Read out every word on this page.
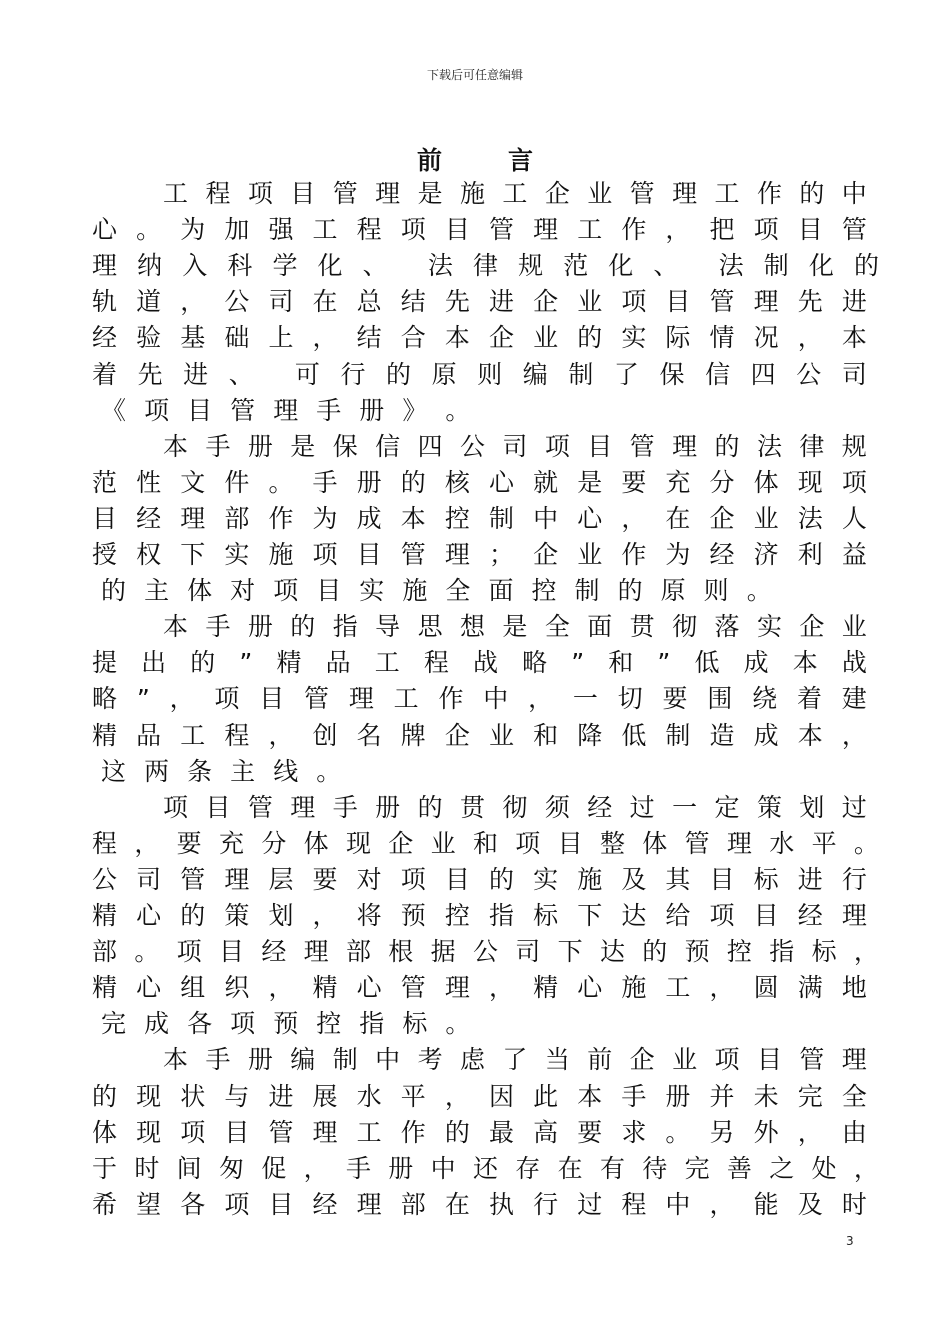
下载后可任意编辑
前言
工 程 项 目 管 理 是 施 工 企 业 管 理 工 作 的 中
心 。 为 加 强 工 程 项 目 管 理 工 作 ， 把 项 目 管
理 纳 入 科 学 化 、 法 律 规 范 化 、 法 制 化 的
轨 道 ， 公 司 在 总 结 先 进 企 业 项 目 管 理 先 进
经 验 基 础 上 ， 结 合 本 企 业 的 实 际 情 况 ， 本
着 先 进 、 可 行 的 原 则 编 制 了 保 信 四 公 司
《 项 目 管 理 手 册 》 。
本 手 册 是 保 信 四 公 司 项 目 管 理 的 法 律 规
范 性 文 件 。 手 册 的 核 心 就 是 要 充 分 体 现 项
目 经 理 部 作 为 成 本 控 制 中 心 ， 在 企 业 法 人
授 权 下 实 施 项 目 管 理 ； 企 业 作 为 经 济 利 益
的 主 体 对 项 目 实 施 全 面 控 制 的 原 则 。
本 手 册 的 指 导 思 想 是 全 面 贯 彻 落 实 企 业
提 出 的 ” 精 品 工 程 战 略 ” 和 ” 低 成 本 战
略 ” ， 项 目 管 理 工 作 中 ， 一 切 要 围 绕 着 建
精 品 工 程 ， 创 名 牌 企 业 和 降 低 制 造 成 本 ，
这 两 条 主 线 。
项 目 管 理 手 册 的 贯 彻 须 经 过 一 定 策 划 过
程 ， 要 充 分 体 现 企 业 和 项 目 整 体 管 理 水 平 。
公 司 管 理 层 要 对 项 目 的 实 施 及 其 目 标 进 行
精 心 的 策 划 ， 将 预 控 指 标 下 达 给 项 目 经 理
部 。 项 目 经 理 部 根 据 公 司 下 达 的 预 控 指 标 ，
精 心 组 织 ， 精 心 管 理 ， 精 心 施 工 ， 圆 满 地
完 成 各 项 预 控 指 标 。
本 手 册 编 制 中 考 虑 了 当 前 企 业 项 目 管 理
的 现 状 与 进 展 水 平 ， 因 此 本 手 册 并 未 完 全
体 现 项 目 管 理 工 作 的 最 高 要 求 。 另 外 ， 由
于 时 间 匆 促 ， 手 册 中 还 存 在 有 待 完 善 之 处 ，
希 望 各 项 目 经 理 部 在 执 行 过 程 中 ， 能 及 时
3
